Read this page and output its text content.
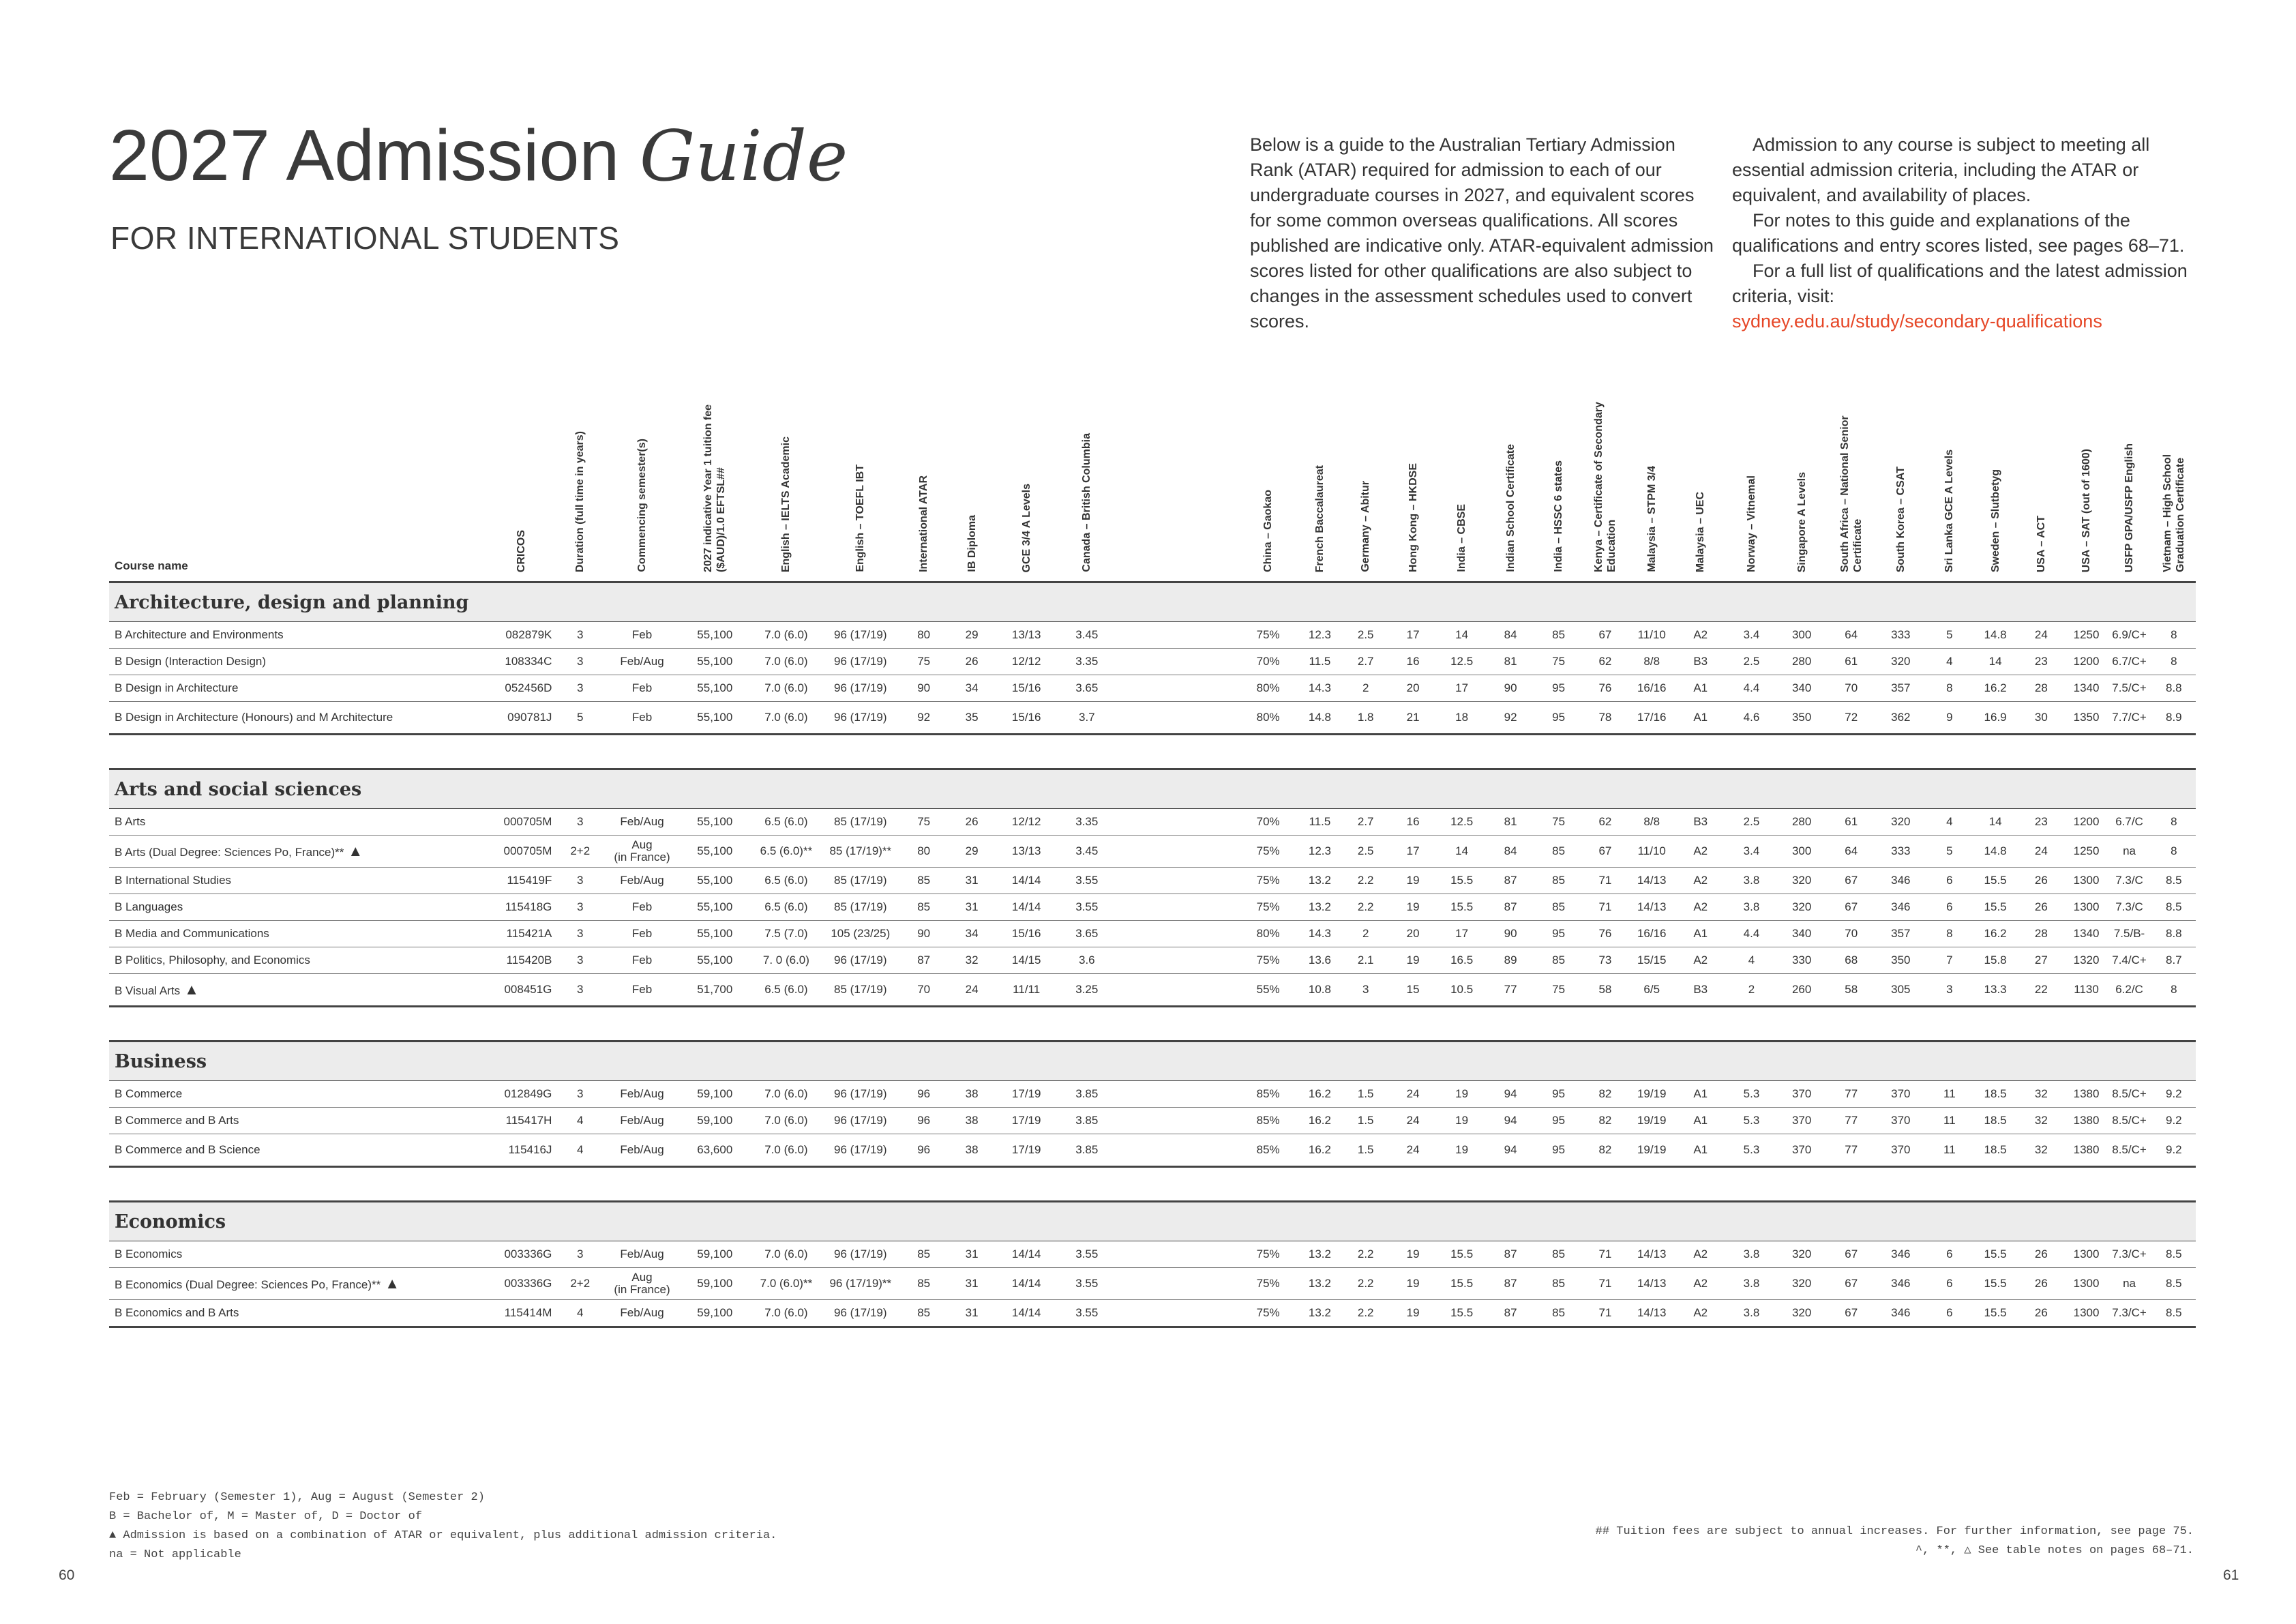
2027 Admission Guide
FOR INTERNATIONAL STUDENTS

Below is a guide to the Australian Tertiary Admission Rank (ATAR) required for admission to each of our undergraduate courses in 2027, and equivalent scores for some common overseas qualifications. All scores published are indicative only. ATAR-equivalent admission scores listed for other qualifications are also subject to changes in the assessment schedules used to convert scores.

Admission to any course is subject to meeting all essential admission criteria, including the ATAR or equivalent, and availability of places.

For notes to this guide and explanations of the qualifications and entry scores listed, see pages 68–71.

For a full list of qualifications and the latest admission criteria, visit:

sydney.edu.au/study/secondary-qualifications
Course name	CRICOS	Duration (full time in years)	Commencing semester(s)	2027 indicative Year 1 tuition fee ($AUD)/1.0 EFTSL##	English – IELTS Academic	English – TOEFL IBT	International ATAR	IB Diploma	GCE 3/4 A Levels	Canada – British Columbia		China – Gaokao	French Baccalaureat	Germany – Abitur	Hong Kong – HKDSE	India – CBSE	Indian School Certificate	India – HSSC 6 states	Kenya – Certificate of Secondary Education	Malaysia – STPM 3/4	Malaysia – UEC	Norway – Vitnemal	Singapore A Levels	South Africa – National Senior Certificate	South Korea – CSAT	Sri Lanka GCE A Levels	Sweden – Slutbetyg	USA – ACT	USA – SAT (out of 1600)	USFP GPA/USFP English	Vietnam – High School Graduation Certificate
Architecture, design and planning																															
B Architecture and Environments	082879K	3	Feb	55,100	7.0 (6.0)	96 (17/19)	80	29	13/13	3.45		75%	12.3	2.5	17	14	84	85	67	11/10	A2	3.4	300	64	333	5	14.8	24	1250	6.9/C+	8
B Design (Interaction Design)	108334C	3	Feb/Aug	55,100	7.0 (6.0)	96 (17/19)	75	26	12/12	3.35		70%	11.5	2.7	16	12.5	81	75	62	8/8	B3	2.5	280	61	320	4	14	23	1200	6.7/C+	8
B Design in Architecture	052456D	3	Feb	55,100	7.0 (6.0)	96 (17/19)	90	34	15/16	3.65		80%	14.3	2	20	17	90	95	76	16/16	A1	4.4	340	70	357	8	16.2	28	1340	7.5/C+	8.8
B Design in Architecture (Honours) and M Architecture	090781J	5	Feb	55,100	7.0 (6.0)	96 (17/19)	92	35	15/16	3.7		80%	14.8	1.8	21	18	92	95	78	17/16	A1	4.6	350	72	362	9	16.9	30	1350	7.7/C+	8.9

Arts and social sciences																															
B Arts	000705M	3	Feb/Aug	55,100	6.5 (6.0)	85 (17/19)	75	26	12/12	3.35		70%	11.5	2.7	16	12.5	81	75	62	8/8	B3	2.5	280	61	320	4	14	23	1200	6.7/C	8
B Arts (Dual Degree: Sciences Po, France)** ▲	000705M	2+2	Aug
(in France)	55,100	6.5 (6.0)**	85 (17/19)**	80	29	13/13	3.45		75%	12.3	2.5	17	14	84	85	67	11/10	A2	3.4	300	64	333	5	14.8	24	1250	na	8
B International Studies	115419F	3	Feb/Aug	55,100	6.5 (6.0)	85 (17/19)	85	31	14/14	3.55		75%	13.2	2.2	19	15.5	87	85	71	14/13	A2	3.8	320	67	346	6	15.5	26	1300	7.3/C	8.5
B Languages	115418G	3	Feb	55,100	6.5 (6.0)	85 (17/19)	85	31	14/14	3.55		75%	13.2	2.2	19	15.5	87	85	71	14/13	A2	3.8	320	67	346	6	15.5	26	1300	7.3/C	8.5
B Media and Communications	115421A	3	Feb	55,100	7.5 (7.0)	105 (23/25)	90	34	15/16	3.65		80%	14.3	2	20	17	90	95	76	16/16	A1	4.4	340	70	357	8	16.2	28	1340	7.5/B-	8.8
B Politics, Philosophy, and Economics	115420B	3	Feb	55,100	7. 0 (6.0)	96 (17/19)	87	32	14/15	3.6		75%	13.6	2.1	19	16.5	89	85	73	15/15	A2	4	330	68	350	7	15.8	27	1320	7.4/C+	8.7
B Visual Arts ▲	008451G	3	Feb	51,700	6.5 (6.0)	85 (17/19)	70	24	11/11	3.25		55%	10.8	3	15	10.5	77	75	58	6/5	B3	2	260	58	305	3	13.3	22	1130	6.2/C	8

Business																															
B Commerce	012849G	3	Feb/Aug	59,100	7.0 (6.0)	96 (17/19)	96	38	17/19	3.85		85%	16.2	1.5	24	19	94	95	82	19/19	A1	5.3	370	77	370	11	18.5	32	1380	8.5/C+	9.2
B Commerce and B Arts	115417H	4	Feb/Aug	59,100	7.0 (6.0)	96 (17/19)	96	38	17/19	3.85		85%	16.2	1.5	24	19	94	95	82	19/19	A1	5.3	370	77	370	11	18.5	32	1380	8.5/C+	9.2
B Commerce and B Science	115416J	4	Feb/Aug	63,600	7.0 (6.0)	96 (17/19)	96	38	17/19	3.85		85%	16.2	1.5	24	19	94	95	82	19/19	A1	5.3	370	77	370	11	18.5	32	1380	8.5/C+	9.2

Economics																															
B Economics	003336G	3	Feb/Aug	59,100	7.0 (6.0)	96 (17/19)	85	31	14/14	3.55		75%	13.2	2.2	19	15.5	87	85	71	14/13	A2	3.8	320	67	346	6	15.5	26	1300	7.3/C+	8.5
B Economics (Dual Degree: Sciences Po, France)** ▲	003336G	2+2	Aug
(in France)	59,100	7.0 (6.0)**	96 (17/19)**	85	31	14/14	3.55		75%	13.2	2.2	19	15.5	87	85	71	14/13	A2	3.8	320	67	346	6	15.5	26	1300	na	8.5
B Economics and B Arts	115414M	4	Feb/Aug	59,100	7.0 (6.0)	96 (17/19)	85	31	14/14	3.55		75%	13.2	2.2	19	15.5	87	85	71	14/13	A2	3.8	320	67	346	6	15.5	26	1300	7.3/C+	8.5
Feb = February (Semester 1), Aug = August (Semester 2)
B = Bachelor of, M = Master of, D = Doctor of
▲ Admission is based on a combination of ATAR or equivalent, plus additional admission criteria.
na = Not applicable
## Tuition fees are subject to annual increases. For further information, see page 75.
^, **, △ See table notes on pages 68–71.
60	61
